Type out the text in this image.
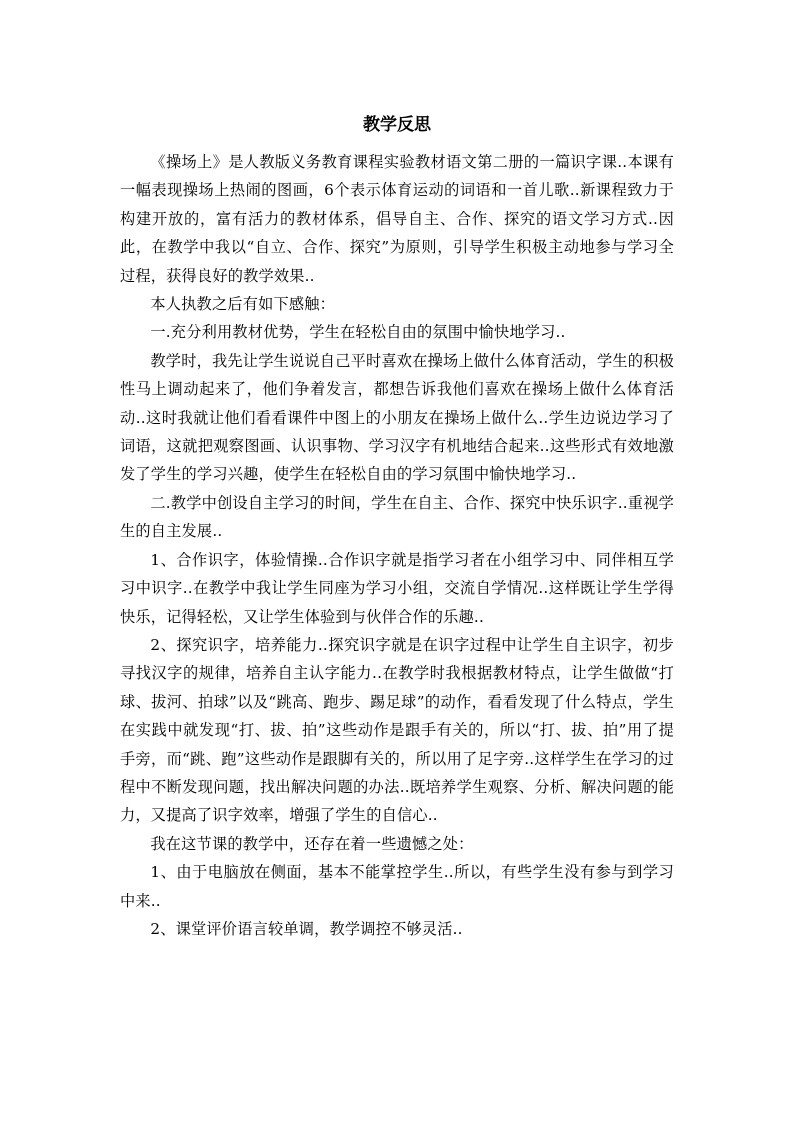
教学反思

《操场上》是人教版义务教育课程实验教材语文第二册的一篇识字课..本课有一幅表现操场上热闹的图画，6个表示体育运动的词语和一首儿歌..新课程致力于构建开放的，富有活力的教材体系，倡导自主、合作、探究的语文学习方式..因此，在教学中我以“自立、合作、探究”为原则，引导学生积极主动地参与学习全过程，获得良好的教学效果..

本人执教之后有如下感触：

一.充分利用教材优势，学生在轻松自由的氛围中愉快地学习..

教学时，我先让学生说说自己平时喜欢在操场上做什么体育活动，学生的积极性马上调动起来了，他们争着发言，都想告诉我他们喜欢在操场上做什么体育活动..这时我就让他们看看课件中图上的小朋友在操场上做什么..学生边说边学习了词语，这就把观察图画、认识事物、学习汉字有机地结合起来..这些形式有效地激发了学生的学习兴趣，使学生在轻松自由的学习氛围中愉快地学习..

二.教学中创设自主学习的时间，学生在自主、合作、探究中快乐识字..重视学生的自主发展..

1、合作识字，体验情操..合作识字就是指学习者在小组学习中、同伴相互学习中识字..在教学中我让学生同座为学习小组，交流自学情况..这样既让学生学得快乐，记得轻松，又让学生体验到与伙伴合作的乐趣..

2、探究识字，培养能力..探究识字就是在识字过程中让学生自主识字，初步寻找汉字的规律，培养自主认字能力..在教学时我根据教材特点，让学生做做“打球、拔河、拍球”以及“跳高、跑步、踢足球”的动作，看看发现了什么特点，学生在实践中就发现“打、拔、拍”这些动作是跟手有关的，所以“打、拔、拍”用了提手旁，而“跳、跑”这些动作是跟脚有关的，所以用了足字旁..这样学生在学习的过程中不断发现问题，找出解决问题的办法..既培养学生观察、分析、解决问题的能力，又提高了识字效率，增强了学生的自信心..

我在这节课的教学中，还存在着一些遗憾之处：

1、由于电脑放在侧面，基本不能掌控学生..所以，有些学生没有参与到学习中来..

2、课堂评价语言较单调，教学调控不够灵活..
